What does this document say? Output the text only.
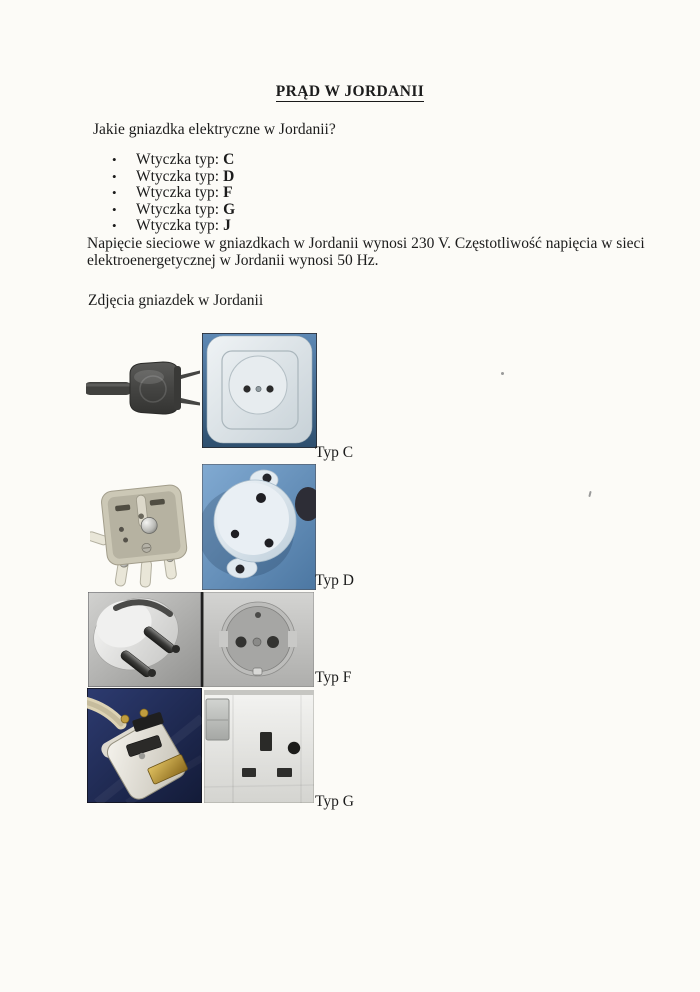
PRĄD W JORDANII
Jakie gniazdka elektryczne w Jordanii?
•	Wtyczka typ: C
•	Wtyczka typ: D
•	Wtyczka typ: F
•	Wtyczka typ: G
•	Wtyczka typ: J
Napięcie sieciowe w gniazdkach w Jordanii wynosi 230 V. Częstotliwość napięcia w sieci
elektroenergetycznej w Jordanii wynosi 50 Hz.
Zdjęcia gniazdek w Jordanii
Typ C
Typ D
Typ F
Typ G
